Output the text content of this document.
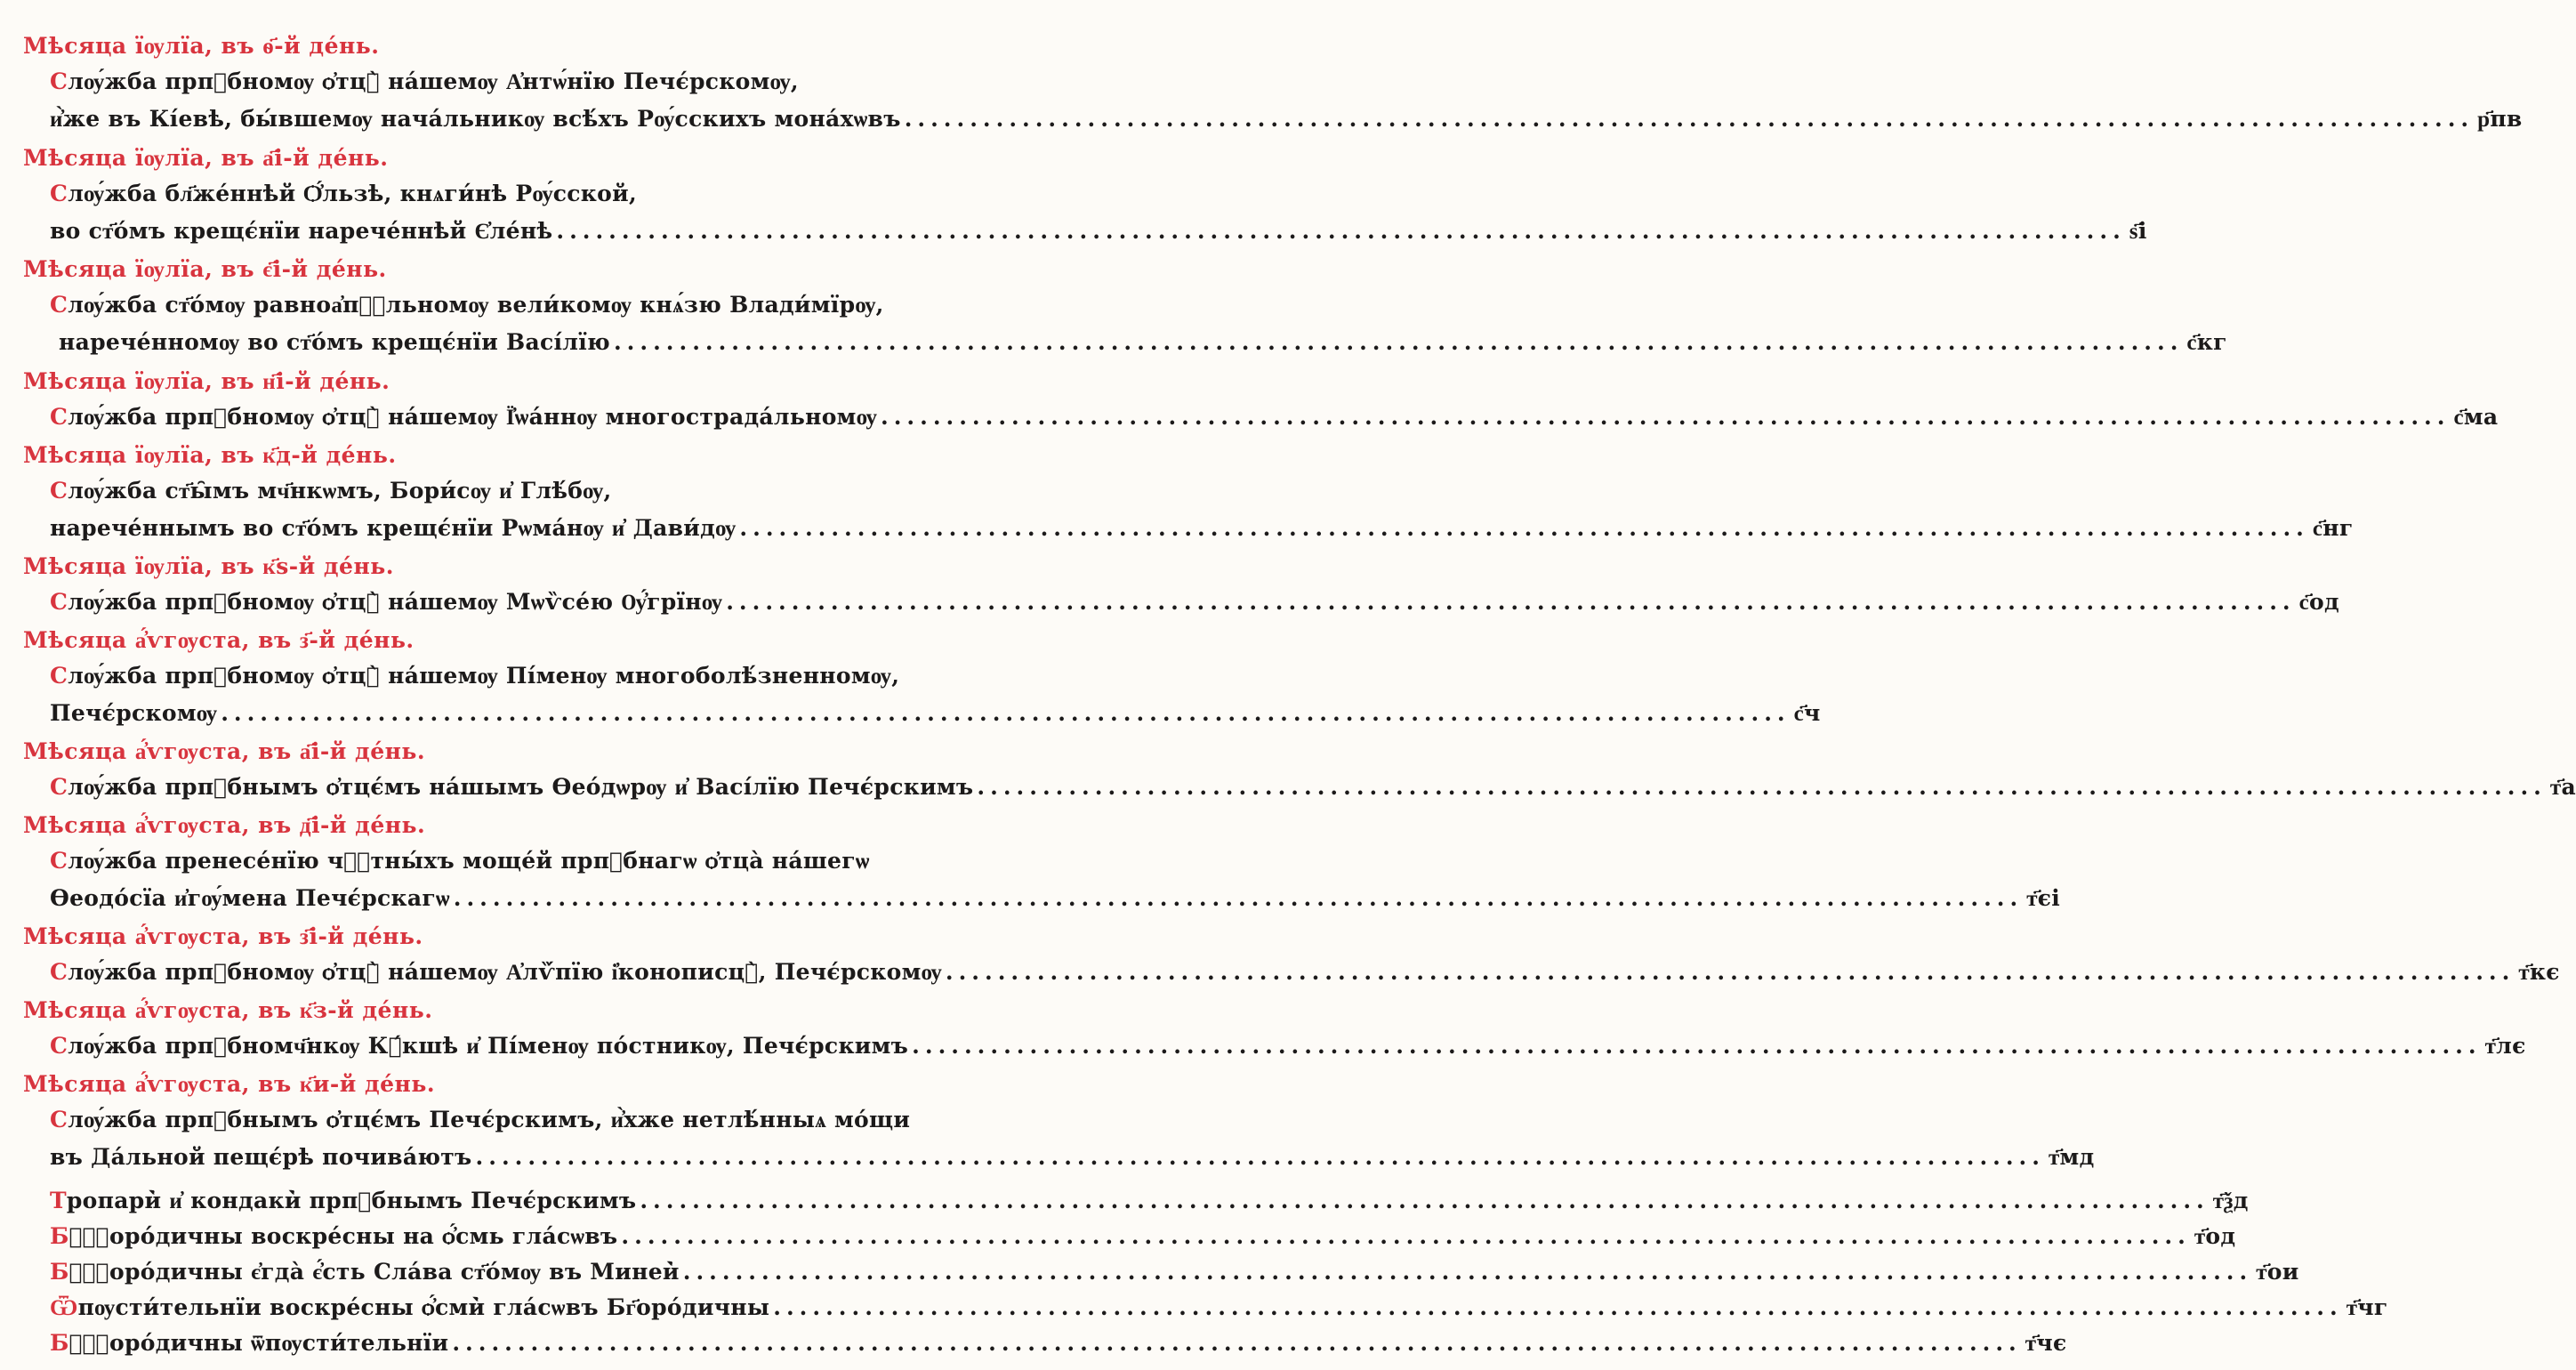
Мѣсяца їѹлїа, въ ѳ҃-й де́нь.
С лѹ́жба прпⷣбномѹ ѻ҆тцꙋ̀ на́шемѹ А҆нтѡ́нїю Печє́рскомѹ,
и҆̀же въ Кі́евѣ, бы́вшемѹ нача́льникѹ всѣ́хъ Рѹ́сскихъ мона́хѡвъ .....	р҃пв
Мѣсяца їѹлїа, въ а҃і-й де́нь.
С лѹ́жба бл҃же́ннѣй Ѻ҆́льзѣ, кнѧги́нѣ Рѹ́сской,
во ст҃о́мъ крещє́нїи нарече́ннѣй Є҆ле́нѣ .....	ѕ҃і
Мѣсяца їѹлїа, въ є҃і-й де́нь.
С лѹ́жба ст҃о́мѹ равноа҆пⷭ҇льномѹ вели́комѹ кнѧ́зю Влади́мїрѹ,
нарече́нномѹ во ст҃о́мъ крещє́нїи Васі́лїю .....	с҃кг
Мѣсяца їѹлїа, въ н҃і-й де́нь.
С лѹ́жба прпⷣбномѹ ѻ҆тцꙋ̀ на́шемѹ Ї҆ѡа́ннѹ многострада́льномѹ .....	с҃ма
Мѣсяца їѹлїа, въ к҃д-й де́нь.
С лѹ́жба ст҃ы̑мъ мч҃нкѡмъ, Бори́сѹ и҆ Глѣ́бѹ,
нарече́ннымъ во ст҃о́мъ крещє́нїи Рѡма́нѹ и҆ Дави́дѹ .....	с҃нг
Мѣсяца їѹлїа, въ к҃ѕ-й де́нь.
С лѹ́жба прпⷣбномѹ ѻ҆тцꙋ̀ на́шемѹ Мѡѷсе́ю Ѹ҆́грїнѹ .....	с҃од
Мѣсяца а҆́ѵгѹста, въ з҃-й де́нь.
С лѹ́жба прпⷣбномѹ ѻ҆тцꙋ̀ на́шемѹ Пі́менѹ многоболѣ́зненномѹ,
Печє́рскомѹ .....	с҃ч
Мѣсяца а҆́ѵгѹста, въ а҃і-й де́нь.
С лѹ́жба прпⷣбнымъ ѻ҆тцє́мъ на́шымъ Ѳео́дѡрѹ и҆ Васі́лїю Печє́рскимъ .....	т҃а
Мѣсяца а҆́ѵгѹста, въ д҃і-й де́нь.
С лѹ́жба пренесе́нїю чⷭ҇тны́хъ моще́й прпⷣбнагѡ ѻ҆тца̀ на́шегѡ
Ѳеодо́сїа и҆гѹ́мена Печє́рскагѡ .....	т҃єі
Мѣсяца а҆́ѵгѹста, въ з҃і-й де́нь.
С лѹ́жба прпⷣбномѹ ѻ҆тцꙋ̀ на́шемѹ А҆лѷ́пїю і҆конописцꙋ̀, Печє́рскомѹ .....	т҃кє
Мѣсяца а҆́ѵгѹста, въ к҃з-й де́нь.
С лѹ́жба прпⷣбномч҃нкѹ Кꙋ́кшѣ и҆ Пі́менѹ по́стникѹ, Печє́рскимъ .....	т҃лє
Мѣсяца а҆́ѵгѹста, въ к҃и-й де́нь.
С лѹ́жба прпⷣбнымъ ѻ҆тцє́мъ Печє́рскимъ, и҆̀хже нетлѣ́нныѧ мо́щи
въ Да́льной пещє́рѣ почива́ютъ .....	т҃мд
Т ропари̇̀ и҆ кондаки̇̀ прпⷣбнымъ Печє́рскимъ .....	т҃ѯд
Б ҁⷢ҇оро́дичны воскре́сны на ѻ҆́смь гла́сѡвъ .....	т҃од
Б ҁⷢ҇оро́дичны є҆гда̀ є҆́сть Сла́ва ст҃о́мѹ въ Минеи̇̀ .....	т҃ои
Ѿ пѹсти́тельнїи воскре́сны ѻ҆́сми̇̀ гла́сѡвъ Бг҃оро́дичны .....	т҃чг
Б ҁⷢ҇оро́дичны ѿпѹсти́тельнїи .....	т҃чє
